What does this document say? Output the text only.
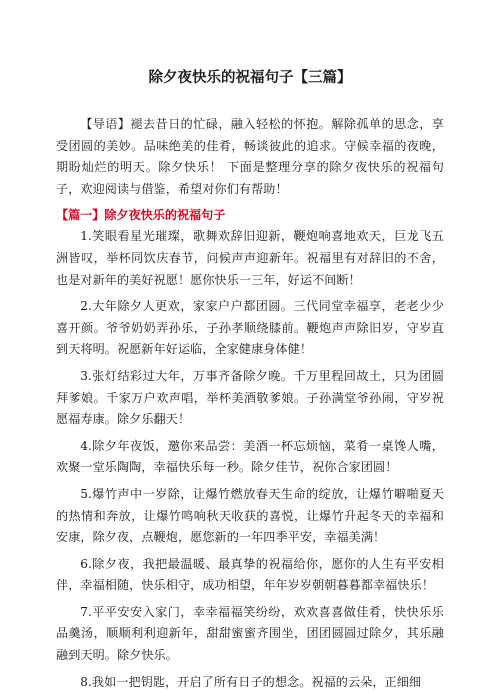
除夕夜快乐的祝福句子【三篇】

【导语】褪去昔日的忙碌，融入轻松的怀抱。解除孤单的思念，享受团圆的美妙。品味绝美的佳肴，畅谈彼此的追求。守候幸福的夜晚，期盼灿烂的明天。除夕快乐！ 下面是整理分享的除夕夜快乐的祝福句子，欢迎阅读与借鉴，希望对你们有帮助！

【篇一】除夕夜快乐的祝福句子

1.笑眼看星光璀璨，歌舞欢辞旧迎新，鞭炮响喜地欢天，巨龙飞五洲皆叹，举杯同饮庆春节，问候声声迎新年。祝福里有对辞旧的不舍，也是对新年的美好祝愿！愿你快乐一三年，好运不间断！

2.大年除夕人更欢，家家户户都团圆。三代同堂幸福享，老老少少喜开颜。爷爷奶奶弄孙乐，子孙孝顺绕膝前。鞭炮声声除旧岁，守岁直到天将明。祝愿新年好运临，全家健康身体健！

3.张灯结彩过大年，万事齐备除夕晚。千万里程回故土，只为团圆拜爹娘。千家万户欢声唱，举杯美酒敬爹娘。子孙满堂爷孙闹，守岁祝愿福寿康。除夕乐翻天！

4.除夕年夜饭，邀你来品尝：美酒一杯忘烦恼，菜肴一桌馋人嘴，欢聚一堂乐陶陶，幸福快乐每一秒。除夕佳节，祝你合家团圆！

5.爆竹声中一岁除，让爆竹燃放春天生命的绽放，让爆竹噼啪夏天的热情和奔放，让爆竹鸣响秋天收获的喜悦，让爆竹升起冬天的幸福和安康，除夕夜，点鞭炮，愿您新的一年四季平安，幸福美满！

6.除夕夜，我把最温暖、最真挚的祝福给你，愿你的人生有平安相伴，幸福相随，快乐相守，成功相望，年年岁岁朝朝暮暮都幸福快乐！

7.平平安安入家门，幸幸福福笑纷纷，欢欢喜喜做佳肴，快快乐乐品羹汤，顺顺利利迎新年，甜甜蜜蜜齐围坐，团团圆圆过除夕，其乐融融到天明。除夕快乐。

8.我如一把钥匙，开启了所有日子的想念。祝福的云朵，正细细
